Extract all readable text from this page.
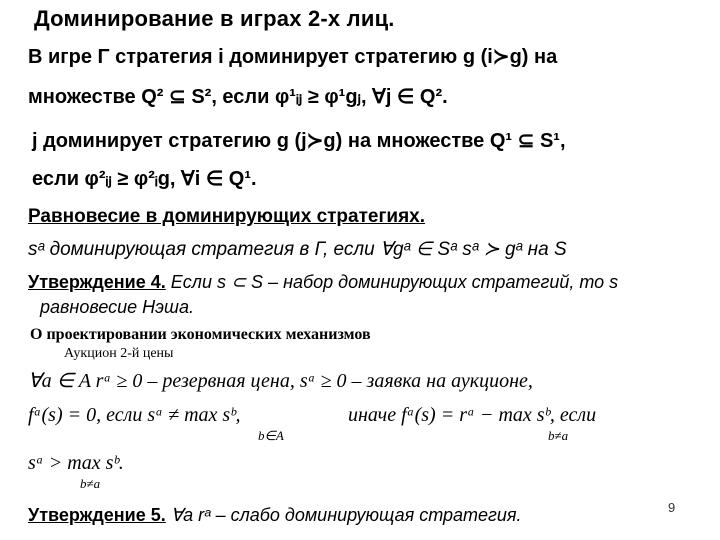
Доминирование в играх 2-х лиц.
В игре Γ стратегия i доминирует стратегию g (i≻g) на
множестве Q² ⊆ S², если φ¹ᵢⱼ ≥ φ¹gⱼ, ∀j ∈ Q².
j доминирует стратегию g (j≻g) на множестве Q¹ ⊆ S¹,
если φ²ᵢⱼ ≥ φ²ᵢg, ∀i ∈ Q¹.
Равновесие в доминирующих стратегиях.
sᵃ доминирующая стратегия в Γ, если ∀gᵃ ∈ Sᵃ sᵃ ≻ gᵃ на S
Утверждение 4. Если s ⊂ S – набор доминирующих стратегий, то s
равновесие Нэша.
О проектировании экономических механизмов
Аукцион 2-й цены
∀a ∈ A rᵃ ≥ 0 – резервная цена, sᵃ ≥ 0 – заявка на аукционе,
fᵃ(s) = 0, если sᵃ ≠ max sᵇ,
b∈A
иначе fᵃ(s) = rᵃ − max sᵇ, если
b≠a
sᵃ > max sᵇ.
b≠a
Утверждение 5. ∀a rᵃ – слабо доминирующая стратегия.	9
